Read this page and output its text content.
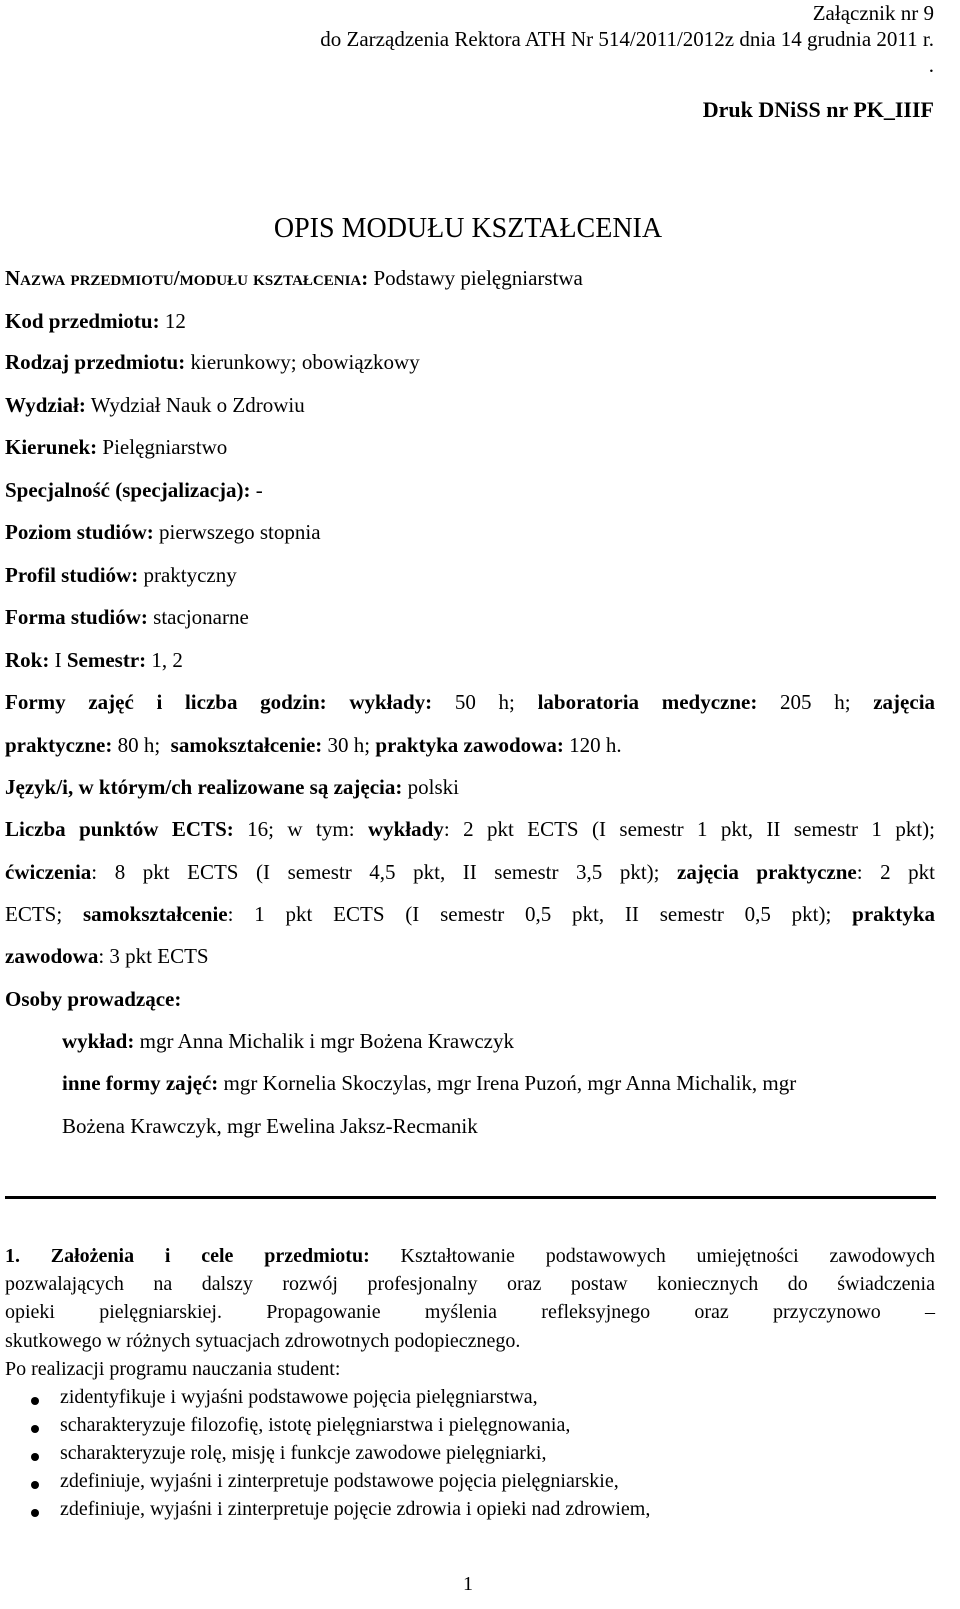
Załącznik nr 9
do Zarządzenia Rektora ATH Nr 514/2011/2012z dnia 14 grudnia 2011 r.
.
Druk DNiSS nr PK_IIIF
OPIS MODUŁU KSZTAŁCENIA
Nazwa przedmiotu/modułu kształcenia: Podstawy pielęgniarstwa
Kod przedmiotu: 12
Rodzaj przedmiotu: kierunkowy; obowiązkowy
Wydział: Wydział Nauk o Zdrowiu
Kierunek: Pielęgniarstwo
Specjalność (specjalizacja): -
Poziom studiów: pierwszego stopnia
Profil studiów: praktyczny
Forma studiów: stacjonarne
Rok: I Semestr: 1, 2
Formy zajęć i liczba godzin: wykłady: 50 h; laboratoria medyczne: 205 h; zajęcia
praktyczne: 80 h; samokształcenie: 30 h; praktyka zawodowa: 120 h.
Język/i, w którym/ch realizowane są zajęcia: polski
Liczba punktów ECTS: 16; w tym: wykłady: 2 pkt ECTS (I semestr 1 pkt, II semestr 1 pkt);
ćwiczenia: 8 pkt ECTS (I semestr 4,5 pkt, II semestr 3,5 pkt); zajęcia praktyczne: 2 pkt
ECTS; samokształcenie: 1 pkt ECTS (I semestr 0,5 pkt, II semestr 0,5 pkt); praktyka
zawodowa: 3 pkt ECTS
Osoby prowadzące:
wykład: mgr Anna Michalik i mgr Bożena Krawczyk
inne formy zajęć: mgr Kornelia Skoczylas, mgr Irena Puzoń, mgr Anna Michalik, mgr
Bożena Krawczyk, mgr Ewelina Jaksz-Recmanik
1. Założenia i cele przedmiotu: Kształtowanie podstawowych umiejętności zawodowych
pozwalających na dalszy rozwój profesjonalny oraz postaw koniecznych do świadczenia
opieki pielęgniarskiej. Propagowanie myślenia refleksyjnego oraz przyczynowo –
skutkowego w różnych sytuacjach zdrowotnych podopiecznego.
Po realizacji programu nauczania student:
zidentyfikuje i wyjaśni podstawowe pojęcia pielęgniarstwa,
scharakteryzuje filozofię, istotę pielęgniarstwa i pielęgnowania,
scharakteryzuje rolę, misję i funkcje zawodowe pielęgniarki,
zdefiniuje, wyjaśni i zinterpretuje podstawowe pojęcia pielęgniarskie,
zdefiniuje, wyjaśni i zinterpretuje pojęcie zdrowia i opieki nad zdrowiem,
1
